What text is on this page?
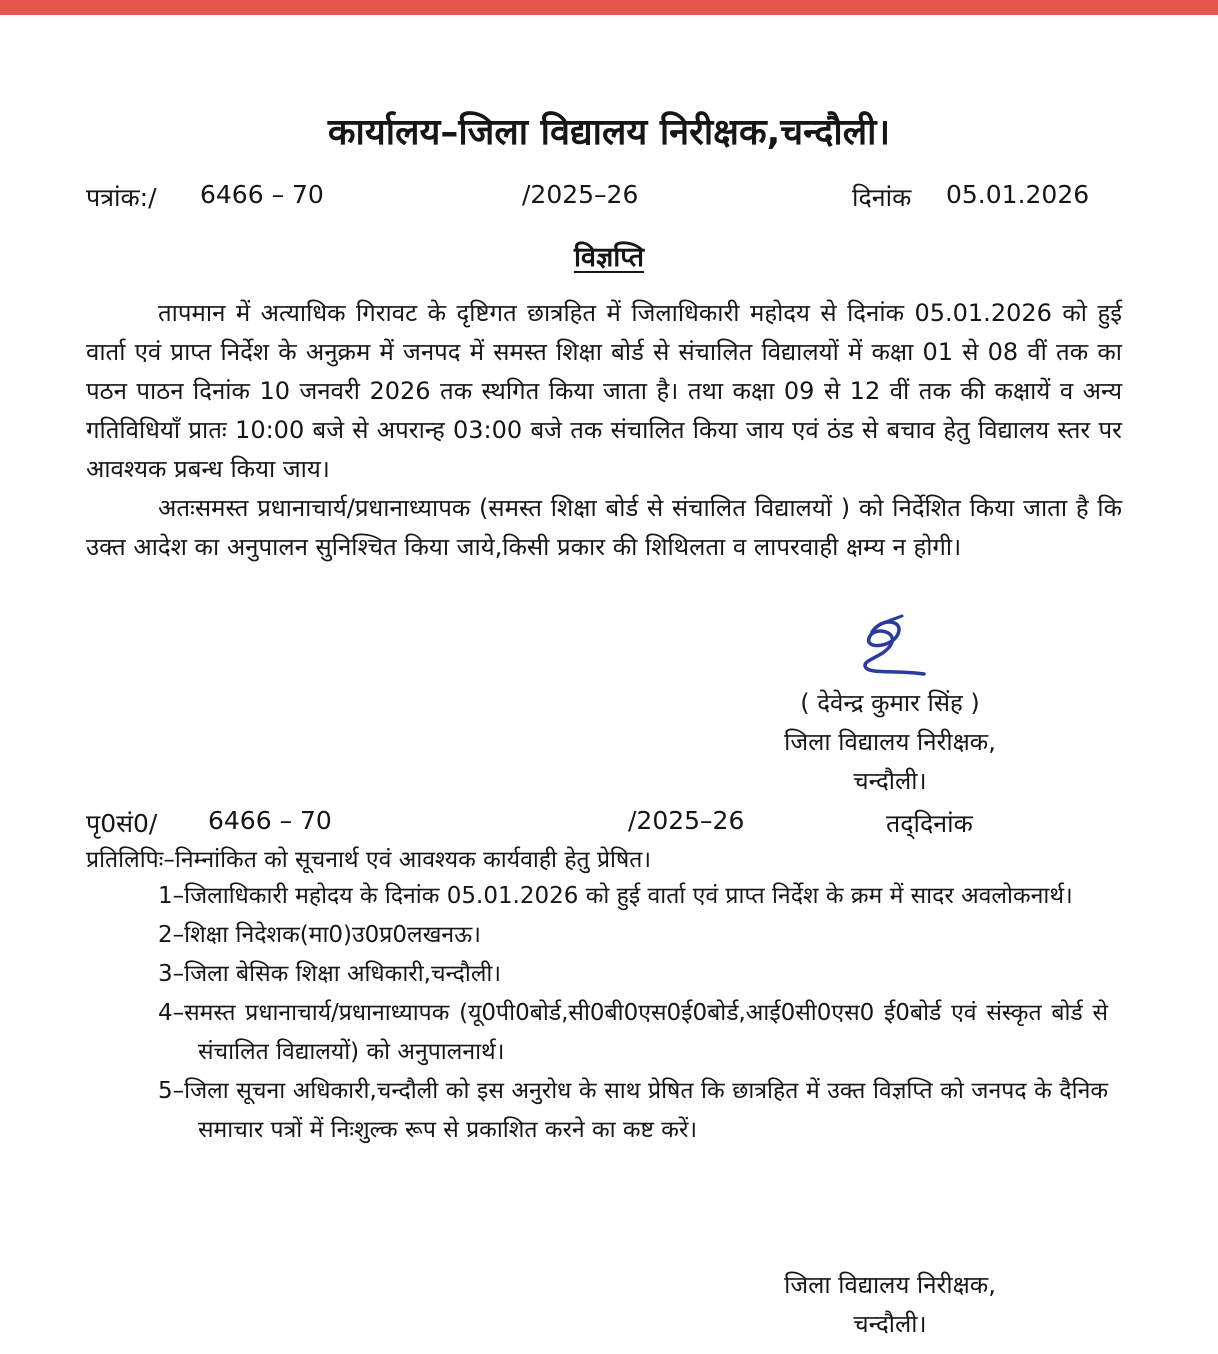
कार्यालय–जिला विद्यालय निरीक्षक,चन्दौली।
पत्रांक:/ 6466 – 70	/2025–26	दिनांक 05.01.2026
विज्ञप्ति

तापमान में अत्याधिक गिरावट के दृष्टिगत छात्रहित में जिलाधिकारी महोदय से दिनांक 05.01.2026 को हुई वार्ता एवं प्राप्त निर्देश के अनुक्रम में जनपद में समस्त शिक्षा बोर्ड से संचालित विद्यालयों में कक्षा 01 से 08 वीं तक का पठन पाठन दिनांक 10 जनवरी 2026 तक स्थगित किया जाता है। तथा कक्षा 09 से 12 वीं तक की कक्षायें व अन्य गतिविधियाँ प्रातः 10:00 बजे से अपरान्ह 03:00 बजे तक संचालित किया जाय एवं ठंड से बचाव हेतु विद्यालय स्तर पर आवश्यक प्रबन्ध किया जाय।

अतःसमस्त प्रधानाचार्य/प्रधानाध्यापक (समस्त शिक्षा बोर्ड से संचालित विद्यालयों ) को निर्देशित किया जाता है कि उक्त आदेश का अनुपालन सुनिश्चित किया जाये,किसी प्रकार की शिथिलता व लापरवाही क्षम्य न होगी।

( देवेन्द्र कुमार सिंह )
जिला विद्यालय निरीक्षक,
चन्दौली।
पृ0सं0/ 6466 – 70	/2025–26	तद्‌दिनांक
प्रतिलिपिः–निम्नांकित को सूचनार्थ एवं आवश्यक कार्यवाही हेतु प्रेषित।
1–जिलाधिकारी महोदय के दिनांक 05.01.2026 को हुई वार्ता एवं प्राप्त निर्देश के क्रम में सादर अवलोकनार्थ।
2–शिक्षा निदेशक(मा0)उ0प्र0लखनऊ।
3–जिला बेसिक शिक्षा अधिकारी,चन्दौली।
4–समस्त प्रधानाचार्य/प्रधानाध्यापक (यू0पी0बोर्ड,सी0बी0एस0ई0बोर्ड,आई0सी0एस0 ई0बोर्ड एवं संस्कृत बोर्ड से संचालित विद्यालयों) को अनुपालनार्थ।
5–जिला सूचना अधिकारी,चन्दौली को इस अनुरोध के साथ प्रेषित कि छात्रहित में उक्त विज्ञप्ति को जनपद के दैनिक समाचार पत्रों में निःशुल्क रूप से प्रकाशित करने का कष्ट करें।
जिला विद्यालय निरीक्षक,
चन्दौली।
